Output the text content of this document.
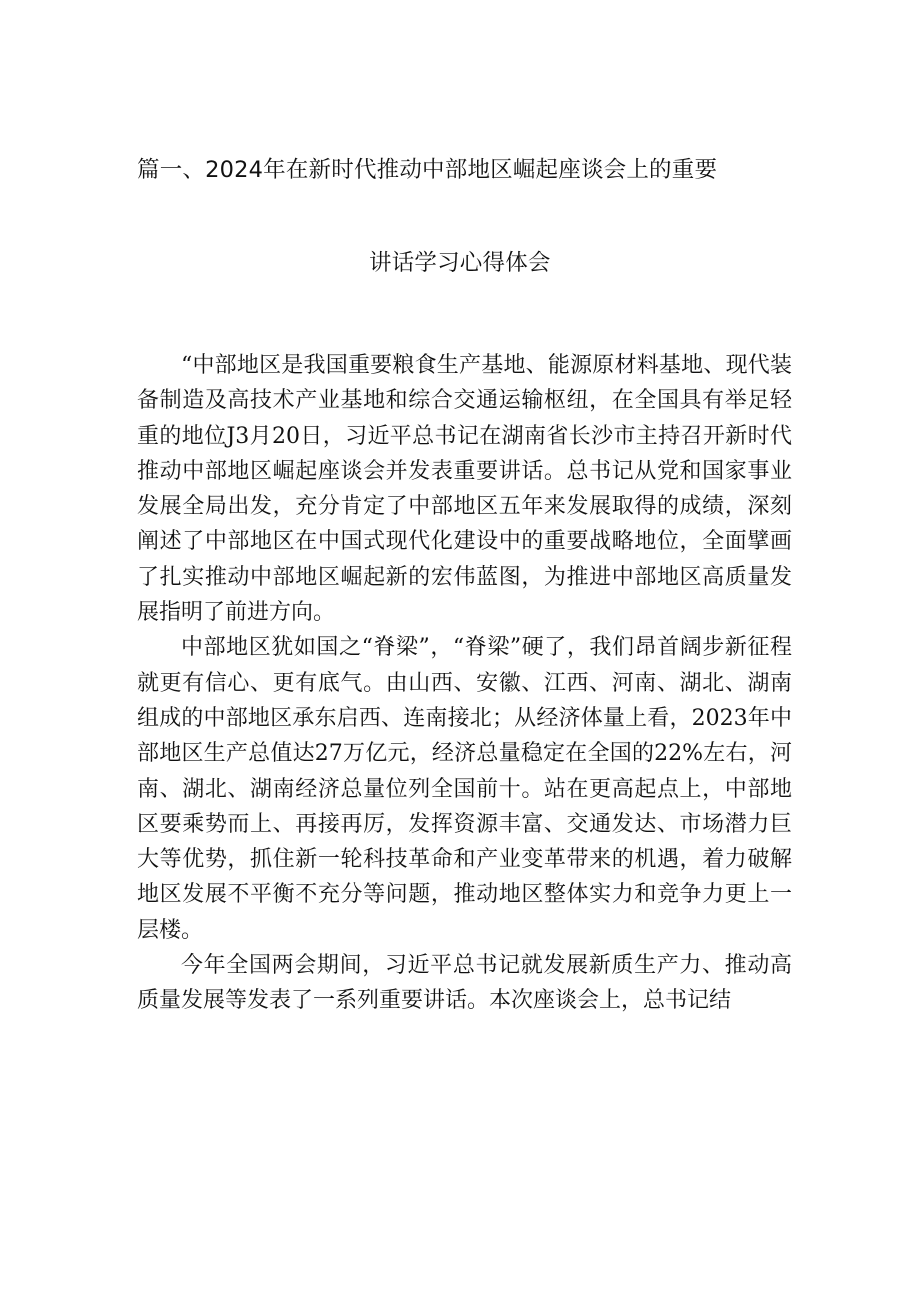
篇一、2024年在新时代推动中部地区崛起座谈会上的重要
讲话学习心得体会

“中部地区是我国重要粮食生产基地、能源原材料基地、现代装备制造及高技术产业基地和综合交通运输枢纽，在全国具有举足轻重的地位J3月20日，习近平总书记在湖南省长沙市主持召开新时代推动中部地区崛起座谈会并发表重要讲话。总书记从党和国家事业发展全局出发，充分肯定了中部地区五年来发展取得的成绩，深刻阐述了中部地区在中国式现代化建设中的重要战略地位，全面擘画了扎实推动中部地区崛起新的宏伟蓝图，为推进中部地区高质量发展指明了前进方向。

中部地区犹如国之“脊梁”，“脊梁”硬了，我们昂首阔步新征程就更有信心、更有底气。由山西、安徽、江西、河南、湖北、湖南组成的中部地区承东启西、连南接北；从经济体量上看，2023年中部地区生产总值达27万亿元，经济总量稳定在全国的22%左右，河南、湖北、湖南经济总量位列全国前十。站在更高起点上，中部地区要乘势而上、再接再厉，发挥资源丰富、交通发达、市场潜力巨大等优势，抓住新一轮科技革命和产业变革带来的机遇，着力破解地区发展不平衡不充分等问题，推动地区整体实力和竞争力更上一层楼。

今年全国两会期间，习近平总书记就发展新质生产力、推动高质量发展等发表了一系列重要讲话。本次座谈会上，总书记结
